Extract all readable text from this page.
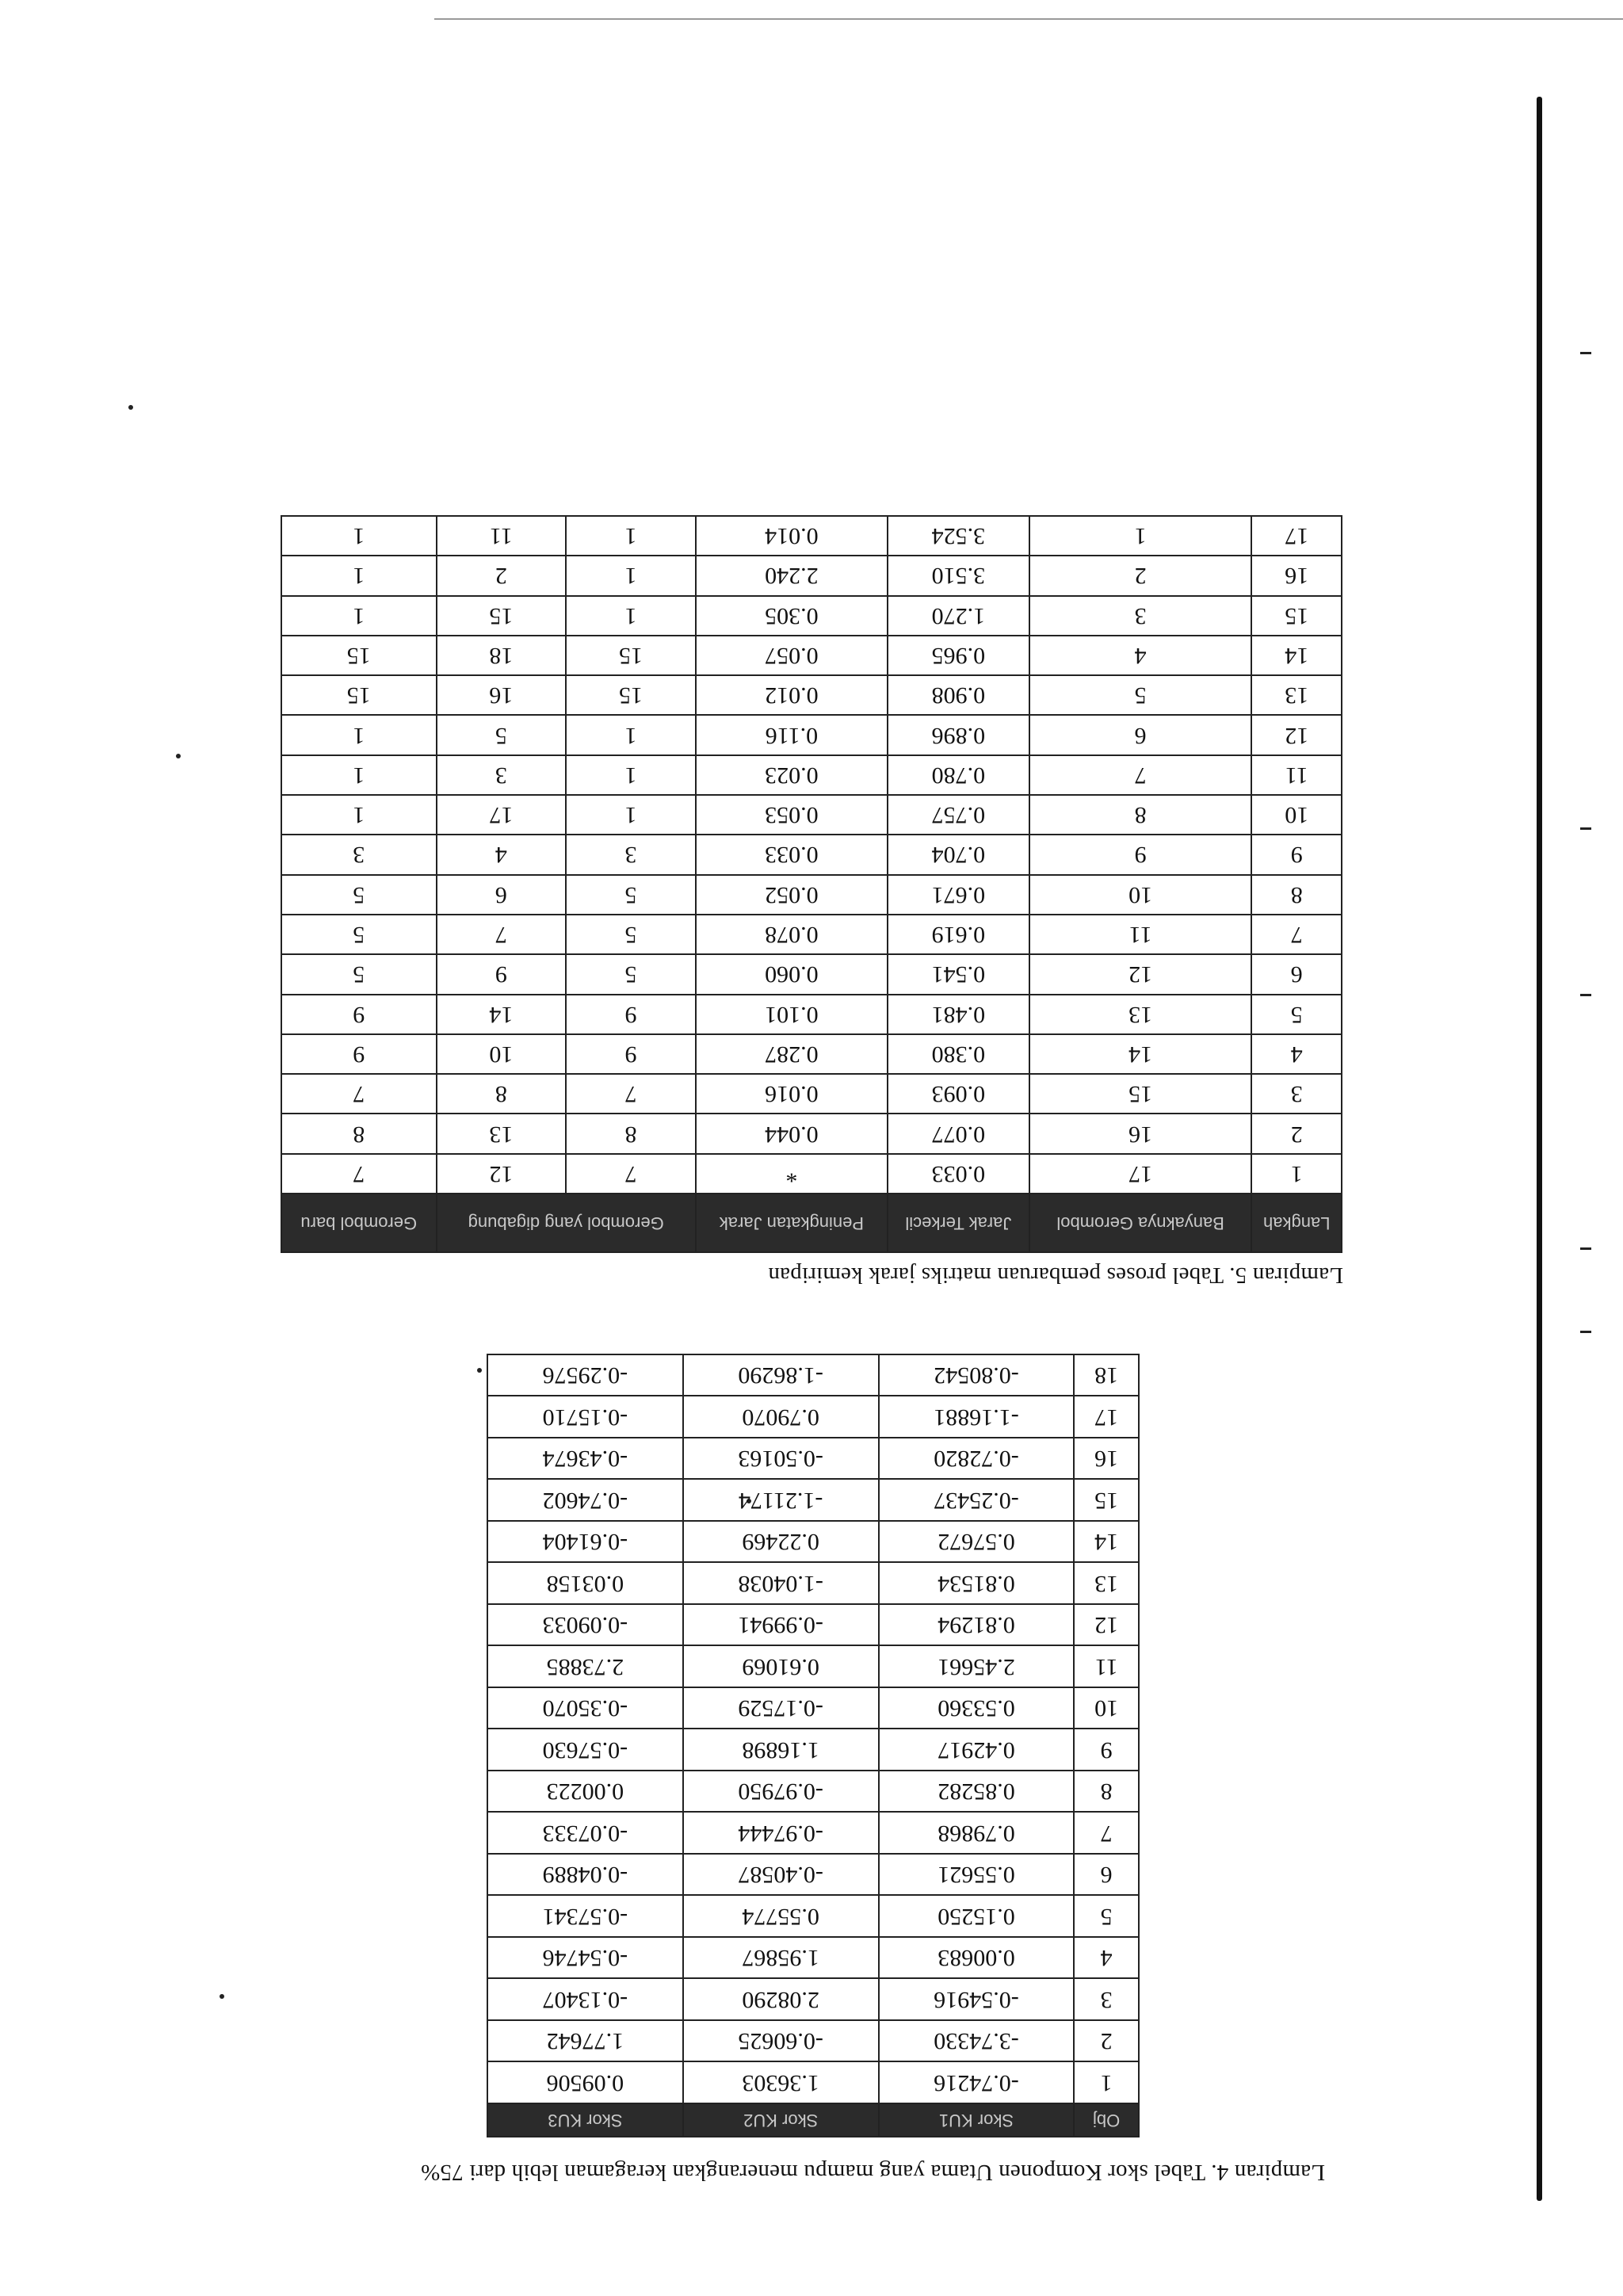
Lampiran 4. Tabel skor Komponen Utama yang mampu menerangkan keragaman lebih dari 75%
Obj	Skor KU1	Skor KU2	Skor KU3
1	-0.74216	1.36303	0.09506
2	-3.74330	-0.60625	1.77642
3	-0.54916	2.08290	-0.13407
4	0.00683	1.95867	-0.54746
5	0.15250	0.55774	-0.57341
6	0.55621	-0.40587	-0.04889
7	0.79868	-0.97444	-0.07333
8	0.85282	-0.97950	0.00223
9	0.42917	1.16898	-0.57630
10	0.53360	-0.17529	-0.35070
11	2.45661	0.61069	2.73885
12	0.81294	-0.99941	-0.09033
13	0.81534	-1.04038	0.03158
14	0.57672	0.22469	-0.61404
15	-0.25437	-1.21174	-0.74602
16	-0.72820	-0.50163	-0.43674
17	-1.16881	0.79070	-0.15710
18	-0.80542	-1.86290	-0.29576
Lampiran 5. Tabel proses pembaruan matriks jarak kemiripan
Langkah	Banyaknya Gerombol	Jarak Terkecil	Peningkatan Jarak	Gerombol yang digabung		Gerombol baru
1	17	0.033	*	7	12	7
2	16	0.077	0.044	8	13	8
3	15	0.093	0.016	7	8	7
4	14	0.380	0.287	9	10	9
5	13	0.481	0.101	9	14	9
6	12	0.541	0.060	5	9	5
7	11	0.619	0.078	5	7	5
8	10	0.671	0.052	5	6	5
9	9	0.704	0.033	3	4	3
10	8	0.757	0.053	1	17	1
11	7	0.780	0.023	1	3	1
12	6	0.896	0.116	1	5	1
13	5	0.908	0.012	15	16	15
14	4	0.965	0.057	15	18	15
15	3	1.270	0.305	1	15	1
16	2	3.510	2.240	1	2	1
17	1	3.524	0.014	1	11	1
